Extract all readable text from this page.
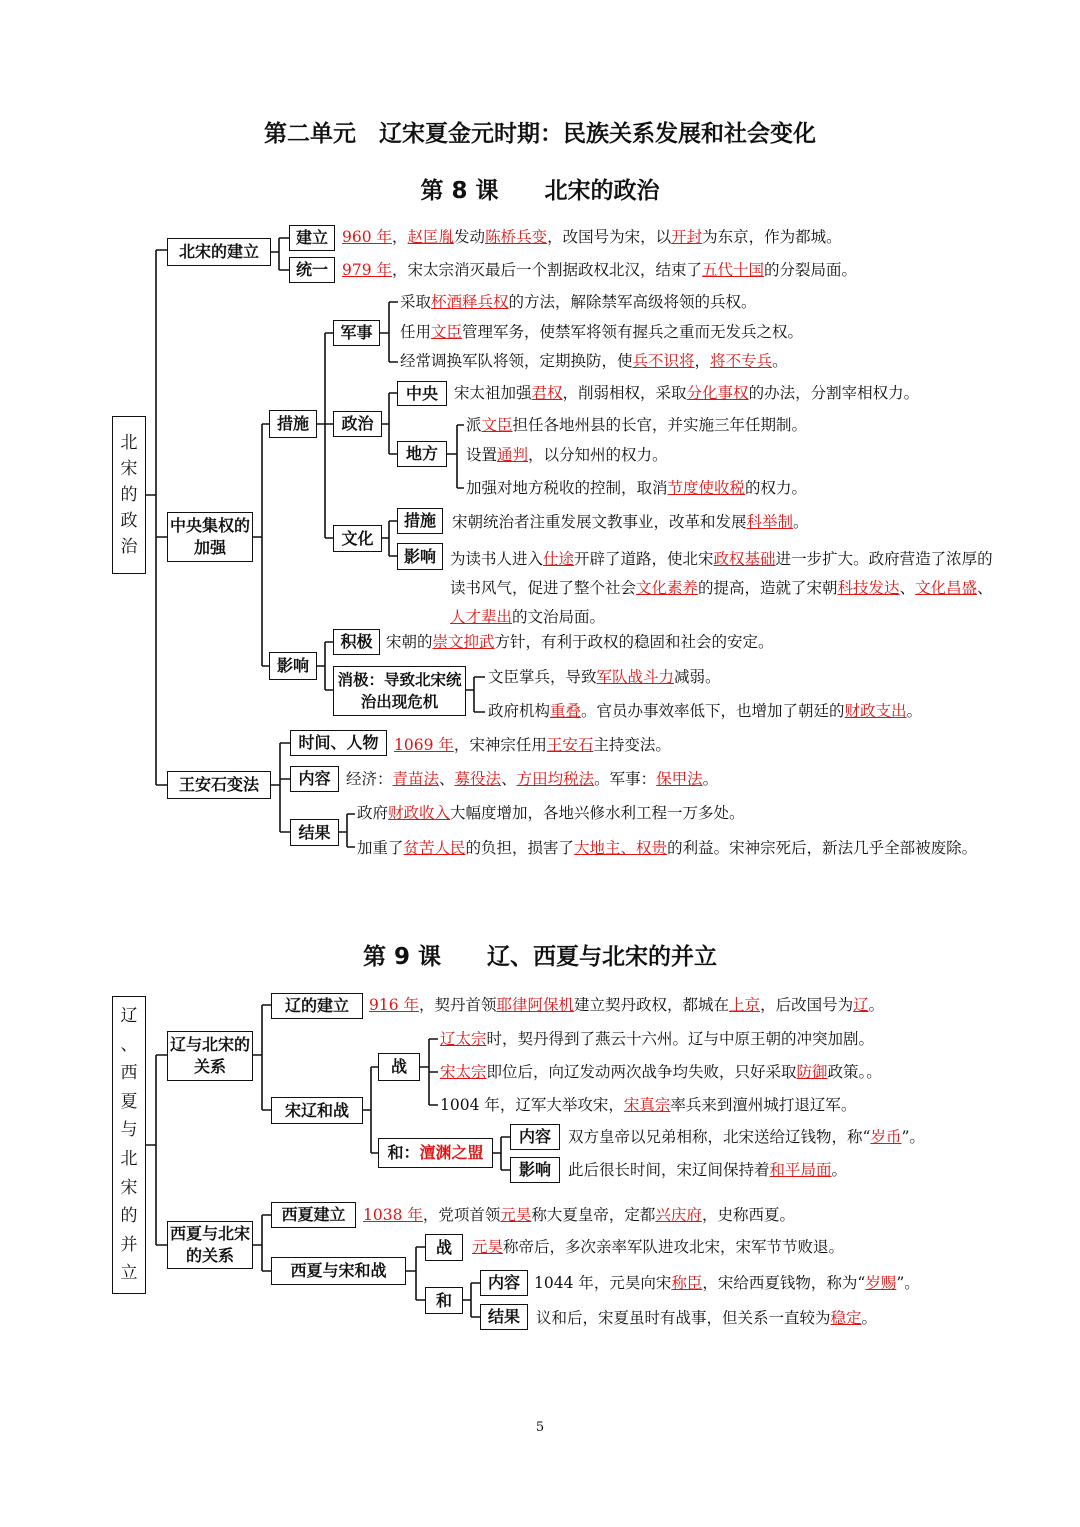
第二单元　辽宋夏金元时期：民族关系发展和社会变化
第 8 课　　北宋的政治
北
宋
的
政
治
北宋的建立
建立 960 年，赵匡胤发动陈桥兵变，改国号为宋，以开封为东京，作为都城。
统一 979 年，宋太宗消灭最后一个割据政权北汉，结束了五代十国的分裂局面。
中央集权的加强
措施
军事
采取杯酒释兵权的方法，解除禁军高级将领的兵权。
任用文臣管理军务，使禁军将领有握兵之重而无发兵之权。
经常调换军队将领，定期换防，使兵不识将，将不专兵。
政治
中央	宋太祖加强君权，削弱相权，采取分化事权的办法，分割宰相权力。
地方
派文臣担任各地州县的长官，并实施三年任期制。
设置通判，以分知州的权力。
加强对地方税收的控制，取消节度使收税的权力。
文化
措施	宋朝统治者注重发展文教事业，改革和发展科举制。
影响 为读书人进入仕途开辟了道路，使北宋政权基础进一步扩大。政府营造了浓厚的读书风气，促进了整个社会文化素养的提高，造就了宋朝科技发达、文化昌盛、人才辈出的文治局面。
影响
积极 宋朝的崇文抑武方针，有利于政权的稳固和社会的安定。
消极：导致北宋统治出现危机
文臣掌兵，导致军队战斗力减弱。
政府机构重叠。官员办事效率低下，也增加了朝廷的财政支出。
王安石变法
时间、人物	1069 年，宋神宗任用王安石主持变法。
内容	经济：青苗法、募役法、方田均税法。军事：保甲法。
结果
政府财政收入大幅度增加，各地兴修水利工程一万多处。
加重了贫苦人民的负担，损害了大地主、权贵的利益。宋神宗死后，新法几乎全部被废除。
第 9 课　　辽、西夏与北宋的并立
辽
、
西
夏
与
北
宋
的
并
立
辽与北宋的关系
辽的建立	916 年，契丹首领耶律阿保机建立契丹政权，都城在上京，后改国号为辽。
宋辽和战
战
辽太宗时，契丹得到了燕云十六州。辽与中原王朝的冲突加剧。
宋太宗即位后，向辽发动两次战争均失败，只好采取防御政策。。
1004 年，辽军大举攻宋，宋真宗率兵来到澶州城打退辽军。
和： 澶渊之盟
内容	双方皇帝以兄弟相称，北宋送给辽钱物，称“岁币”。
影响	此后很长时间，宋辽间保持着和平局面。
西夏与北宋的关系
西夏建立	1038 年，党项首领元昊称大夏皇帝，定都兴庆府，史称西夏。
西夏与宋和战
战	元昊称帝后，多次亲率军队进攻北宋，宋军节节败退。
和
内容 1044 年，元昊向宋称臣，宋给西夏钱物，称为“岁赐”。
结果	议和后，宋夏虽时有战事，但关系一直较为稳定。
5
